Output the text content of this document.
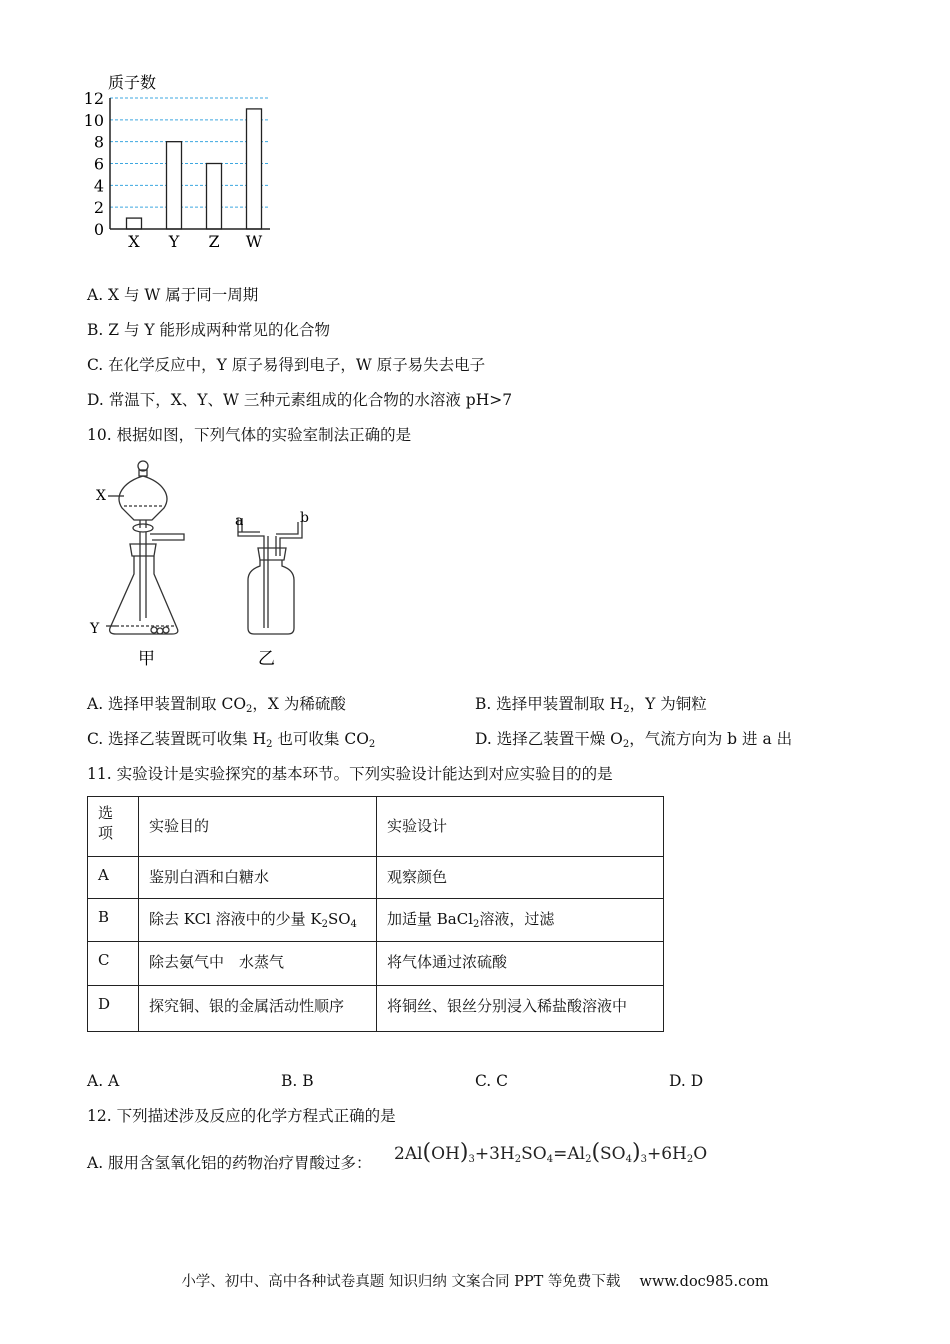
质子数
0
2
4
6
8
10
12
X Y Z W
A. X 与 W 属于同一周期
B. Z 与 Y 能形成两种常见的化合物
C. 在化学反应中，Y 原子易得到电子，W 原子易失去电子
D. 常温下，X、Y、W 三种元素组成的化合物的水溶液 pH>7
10. 根据如图，下列气体的实验室制法正确的是
X
Y
甲
a	b
乙
A. 选择甲装置制取 $CO_2$，X 为稀硫酸	B. 选择甲装置制取 $H_2$，Y 为铜粒
C. 选择乙装置既可收集 $H_2$ 也可收集 $CO_2$	D. 选择乙装置干燥 $O_2$，气流方向为 b 进 a 出
11. 实验设计是实验探究的基本环节。下列实验设计能达到对应实验目的的是
选
项	实验目的	实验设计

A	鉴别白酒和白糖水	观察颜色

B	除去 KCl 溶液中的少量 $K_2SO_4$	加适量 BaCl$_2$溶液，过滤

C	除去氨气中　水蒸气	将气体通过浓硫酸

D	探究铜、银的金属活动性顺序	将铜丝、银丝分别浸入稀盐酸溶液中
A. A	B. B	C. C	D. D
12. 下列描述涉及反应的化学方程式正确的是
A. 服用含氢氧化铝的药物治疗胃酸过多： $2Al(OH)_3+3H_2SO_4=Al_2(SO_4)_3+6H_2O$
小学、初中、高中各种试卷真题 知识归纳 文案合同 PPT 等免费下载　 www.doc985.com
